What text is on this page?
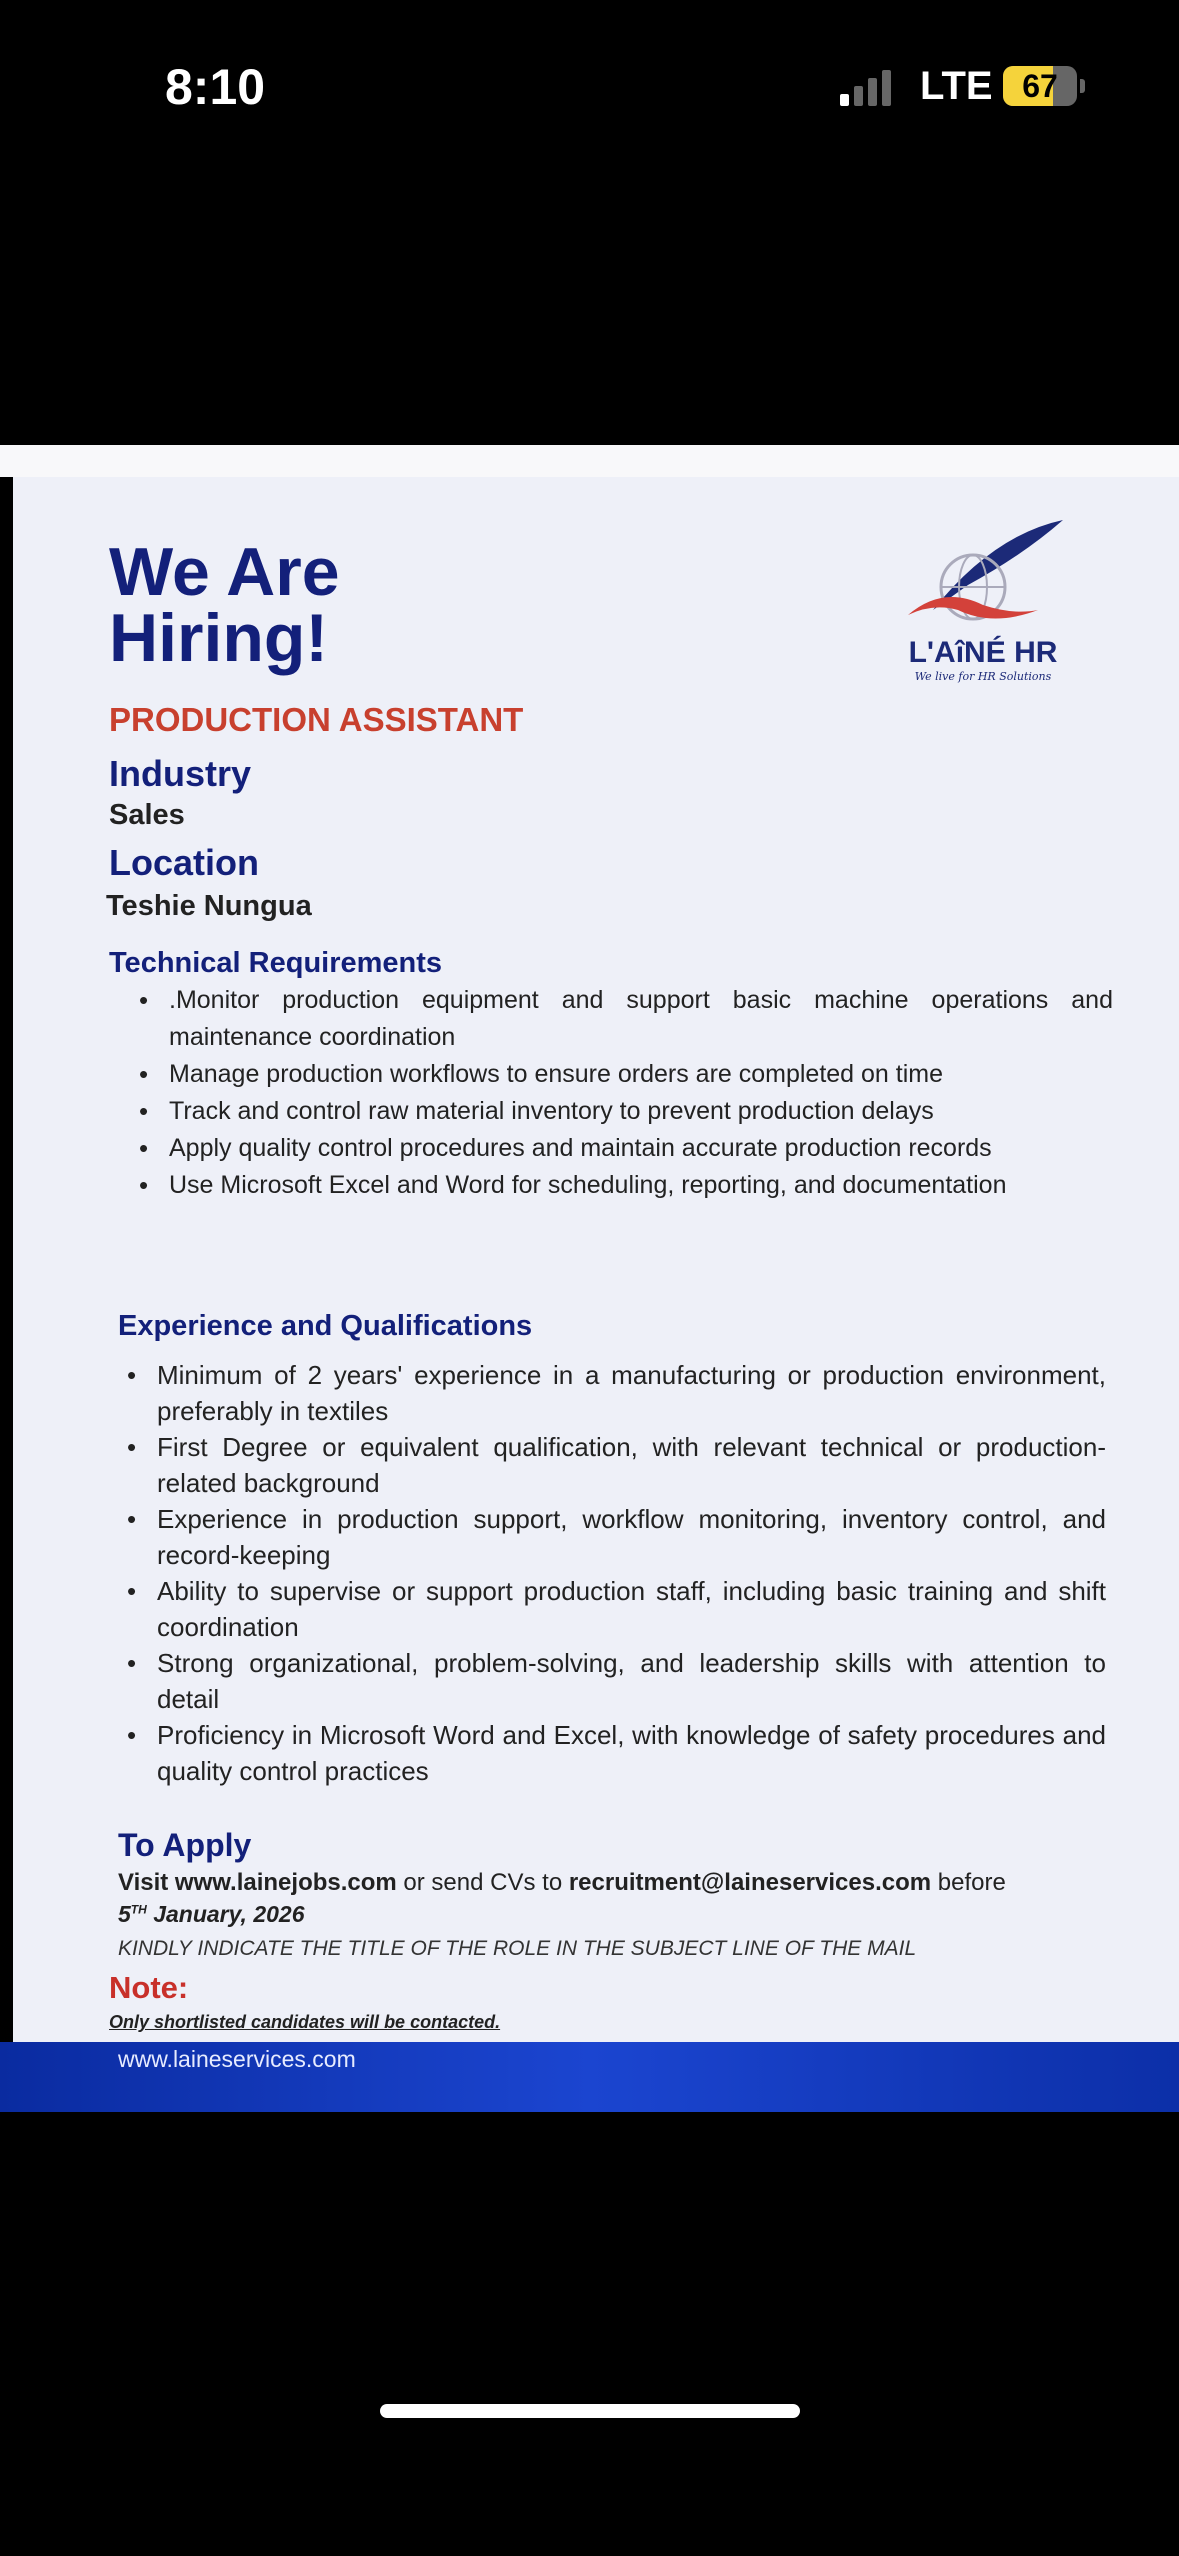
8:10	LTE 67
We Are
Hiring!	L'AîNÉ HR
We live for HR Solutions
PRODUCTION ASSISTANT
Industry
Sales
Location
Teshie Nungua
Technical Requirements
• .Monitor production equipment and support basic machine operations and maintenance coordination
• Manage production workflows to ensure orders are completed on time
• Track and control raw material inventory to prevent production delays
• Apply quality control procedures and maintain accurate production records
• Use Microsoft Excel and Word for scheduling, reporting, and documentation
Experience and Qualifications
• Minimum of 2 years' experience in a manufacturing or production environment, preferably in textiles
• First Degree or equivalent qualification, with relevant technical or production-related background
• Experience in production support, workflow monitoring, inventory control, and record-keeping
• Ability to supervise or support production staff, including basic training and shift coordination
• Strong organizational, problem-solving, and leadership skills with attention to detail
• Proficiency in Microsoft Word and Excel, with knowledge of safety procedures and quality control practices
To Apply
Visit www.lainejobs.com or send CVs to recruitment@laineservices.com before
5TH January, 2026
KINDLY INDICATE THE TITLE OF THE ROLE IN THE SUBJECT LINE OF THE MAIL
Note:
Only shortlisted candidates will be contacted.
www.laineservices.com
